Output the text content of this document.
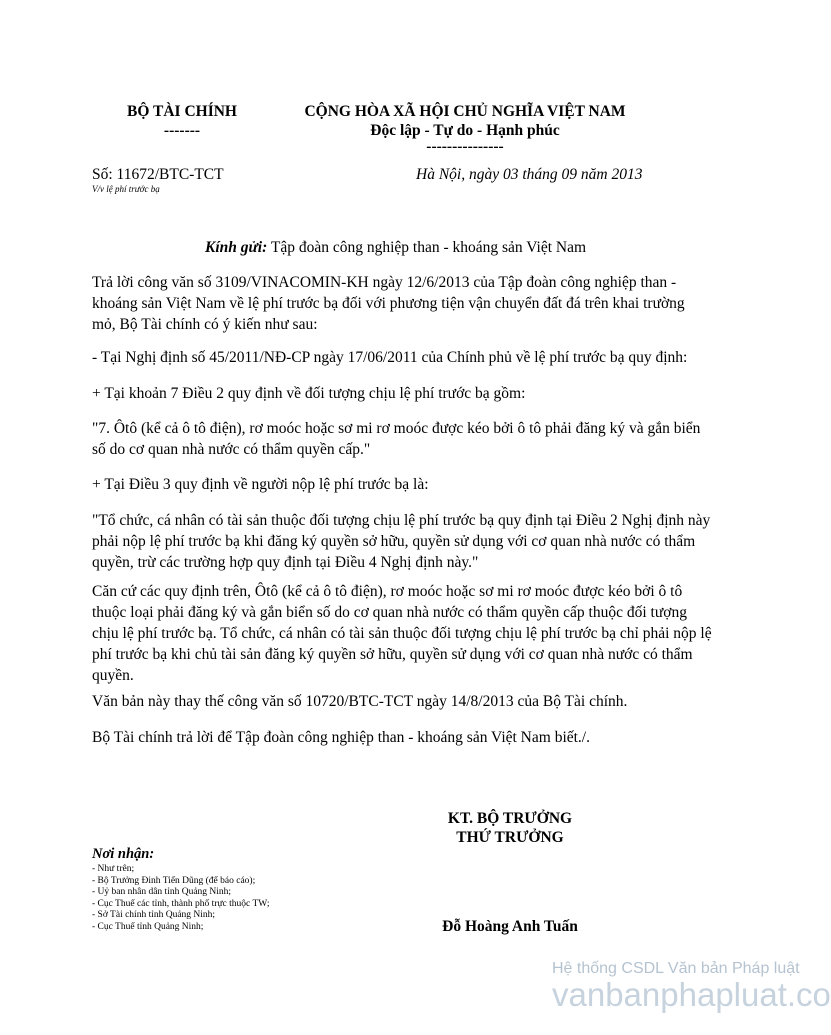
BỘ TÀI CHÍNH
-------
CỘNG HÒA XÃ HỘI CHỦ NGHĨA VIỆT NAM
Độc lập - Tự do - Hạnh phúc
---------------
Số: 11672/BTC-TCT
V/v lệ phí trước bạ
Hà Nội, ngày 03 tháng 09 năm 2013
Kính gửi: Tập đoàn công nghiệp than - khoáng sản Việt Nam
Trả lời công văn số 3109/VINACOMIN-KH ngày 12/6/2013 của Tập đoàn công nghiệp than - khoáng sản Việt Nam về lệ phí trước bạ đối với phương tiện vận chuyển đất đá trên khai trường mỏ, Bộ Tài chính có ý kiến như sau:
- Tại Nghị định số 45/2011/NĐ-CP ngày 17/06/2011 của Chính phủ về lệ phí trước bạ quy định:
+ Tại khoản 7 Điều 2 quy định về đối tượng chịu lệ phí trước bạ gồm:
"7. Ôtô (kể cả ô tô điện), rơ moóc hoặc sơ mi rơ moóc được kéo bởi ô tô phải đăng ký và gắn biển số do cơ quan nhà nước có thẩm quyền cấp."
+ Tại Điều 3 quy định về người nộp lệ phí trước bạ là:
"Tổ chức, cá nhân có tài sản thuộc đối tượng chịu lệ phí trước bạ quy định tại Điều 2 Nghị định này phải nộp lệ phí trước bạ khi đăng ký quyền sở hữu, quyền sử dụng với cơ quan nhà nước có thẩm quyền, trừ các trường hợp quy định tại Điều 4 Nghị định này."
Căn cứ các quy định trên, Ôtô (kể cả ô tô điện), rơ moóc hoặc sơ mi rơ moóc được kéo bởi ô tô thuộc loại phải đăng ký và gắn biển số do cơ quan nhà nước có thẩm quyền cấp thuộc đối tượng chịu lệ phí trước bạ. Tổ chức, cá nhân có tài sản thuộc đối tượng chịu lệ phí trước bạ chỉ phải nộp lệ phí trước bạ khi chủ tài sản đăng ký quyền sở hữu, quyền sử dụng với cơ quan nhà nước có thẩm quyền.
Văn bản này thay thế công văn số 10720/BTC-TCT ngày 14/8/2013 của Bộ Tài chính.
Bộ Tài chính trả lời để Tập đoàn công nghiệp than - khoáng sản Việt Nam biết./.
KT. BỘ TRƯỞNG
THỨ TRƯỞNG
Đỗ Hoàng Anh Tuấn
Nơi nhận:
- Như trên;
- Bộ Trưởng Đinh Tiến Dũng (để báo cáo);
- Uỷ ban nhân dân tỉnh Quảng Ninh;
- Cục Thuế các tỉnh, thành phố trực thuộc TW;
- Sở Tài chính tỉnh Quảng Ninh;
- Cục Thuế tỉnh Quảng Ninh;
Hệ thống CSDL Văn bản Pháp luật
vanbanphapluat.co
